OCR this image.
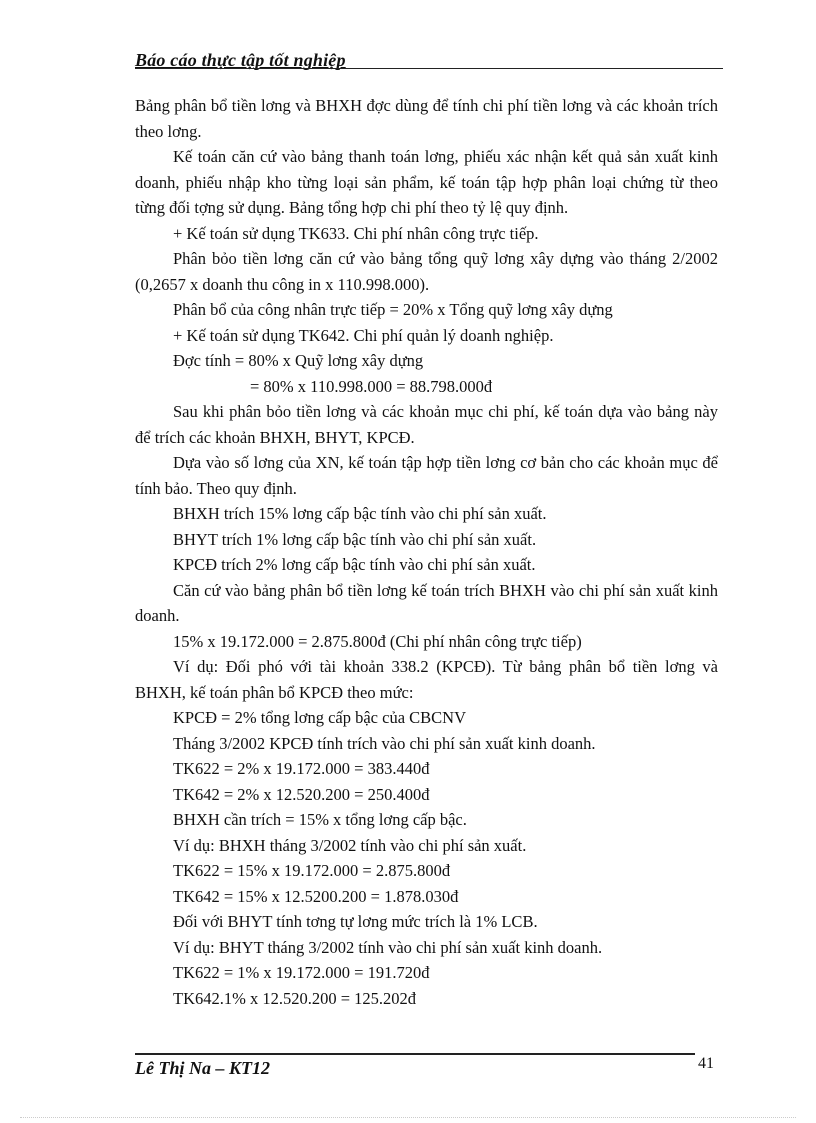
Báo cáo thực tập tốt nghiệp

Bảng phân bổ tiền lơng và BHXH đợc dùng để tính chi phí tiền lơng và các khoản trích theo lơng.

Kế toán căn cứ vào bảng thanh toán lơng, phiếu xác nhận kết quả sản xuất kinh doanh, phiếu nhập kho từng loại sản phẩm, kế toán tập hợp phân loại chứng từ theo từng đối tợng sử dụng. Bảng tổng hợp chi phí theo tỷ lệ quy định.

+ Kế toán sử dụng TK633. Chi phí nhân công trực tiếp.

Phân bỏo tiền lơng căn cứ vào bảng tổng quỹ lơng xây dựng vào tháng 2/2002 (0,2657 x doanh thu công in x 110.998.000).

Phân bổ của công nhân trực tiếp = 20% x Tổng quỹ lơng xây dựng

+ Kế toán sử dụng TK642. Chi phí quản lý doanh nghiệp.

Đợc tính = 80% x Quỹ lơng xây dựng

= 80% x 110.998.000 = 88.798.000đ

Sau khi phân bỏo tiền lơng và các khoản mục chi phí, kế toán dựa vào bảng này để trích các khoản BHXH, BHYT, KPCĐ.

Dựa vào số lơng của XN, kế toán tập hợp tiền lơng cơ bản cho các khoản mục để tính bảo. Theo quy định.

BHXH trích 15% lơng cấp bậc tính vào chi phí sản xuất.

BHYT trích 1% lơng cấp bậc tính vào chi phí sản xuất.

KPCĐ trích 2% lơng cấp bậc tính vào chi phí sản xuất.

Căn cứ vào bảng phân bổ tiền lơng kế toán trích BHXH vào chi phí sản xuất kinh doanh.

15% x 19.172.000 = 2.875.800đ (Chi phí nhân công trực tiếp)

Ví dụ: Đối phó với tài khoản 338.2 (KPCĐ). Từ bảng phân bổ tiền lơng và BHXH, kế toán phân bổ KPCĐ theo mức:

KPCĐ = 2% tổng lơng cấp bậc của CBCNV

Tháng 3/2002 KPCĐ tính trích vào chi phí sản xuất kinh doanh.

TK622 = 2% x 19.172.000 = 383.440đ

TK642 = 2% x 12.520.200 = 250.400đ

BHXH cần trích = 15% x tổng lơng cấp bậc.

Ví dụ: BHXH tháng 3/2002 tính vào chi phí sản xuất.

TK622 = 15% x 19.172.000 = 2.875.800đ

TK642 = 15% x 12.5200.200 = 1.878.030đ

Đối với BHYT tính tơng tự lơng mức trích là 1% LCB.

Ví dụ: BHYT tháng 3/2002 tính vào chi phí sản xuất kinh doanh.

TK622 = 1% x 19.172.000 = 191.720đ

TK642.1% x 12.520.200 = 125.202đ

Lê Thị Na – KT12	41
